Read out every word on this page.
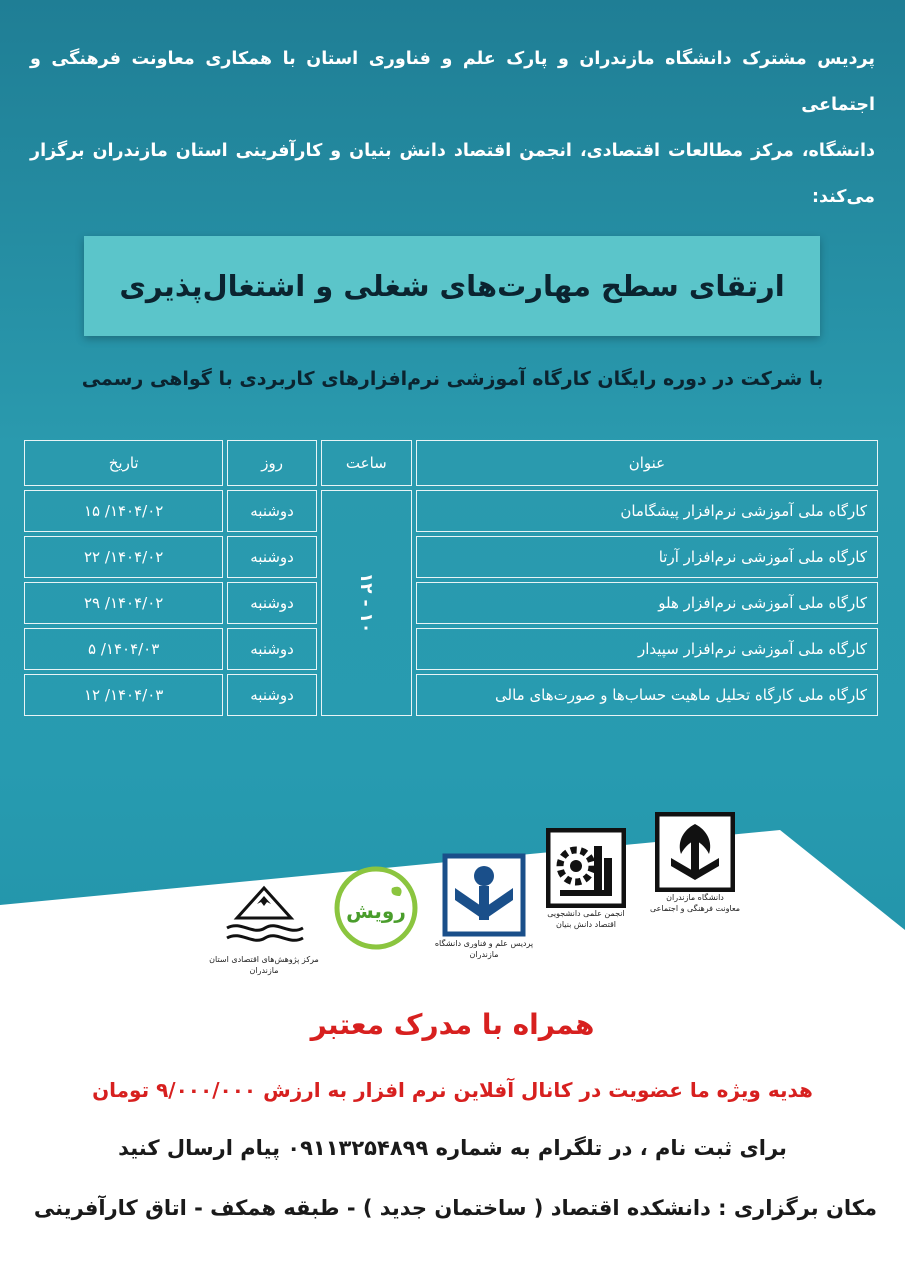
پردیس مشترک دانشگاه مازندران و پارک علم و فناوری استان با همکاری معاونت فرهنگی و اجتماعی
دانشگاه، مرکز مطالعات اقتصادی، انجمن اقتصاد دانش بنیان و کارآفرینی استان مازندران برگزار می‌کند:
ارتقای سطح مهارت‌های شغلی و اشتغال‌پذیری
با شرکت در دوره رایگان کارگاه آموزشی نرم‌افزارهای کاربردی با گواهی رسمی
عنوان	ساعت	روز	تاریخ
کارگاه ملی آموزشی نرم‌افزار پیشگامان	۱۰ - ۱۲	دوشنبه	۱۴۰۴/۰۲/ ۱۵
کارگاه ملی آموزشی نرم‌افزار آرتا		دوشنبه	۱۴۰۴/۰۲/ ۲۲
کارگاه ملی آموزشی نرم‌افزار هلو		دوشنبه	۱۴۰۴/۰۲/ ۲۹
کارگاه ملی آموزشی نرم‌افزار سپیدار		دوشنبه	۱۴۰۴/۰۳/ ۵
کارگاه ملی کارگاه تحلیل ماهیت حساب‌ها و صورت‌های مالی		دوشنبه	۱۴۰۴/۰۳/ ۱۲
دانشگاه مازندران
معاونت فرهنگی و اجتماعی
انجمن علمی دانشجویی
اقتصاد دانش بنیان
پردیس علم و فناوری دانشگاه مازندران
رویش
مرکز پژوهش‌های اقتصادی استان مازندران
همراه با مدرک معتبر
هدیه ویژه ما عضویت در کانال آفلاین نرم افزار به ارزش ۹/۰۰۰/۰۰۰ تومان
برای ثبت نام ، در تلگرام به شماره ۰۹۱۱۳۲۵۴۸۹۹ پیام ارسال کنید
مکان برگزاری : دانشکده اقتصاد ( ساختمان جدید ) - طبقه همکف - اتاق کارآفرینی
